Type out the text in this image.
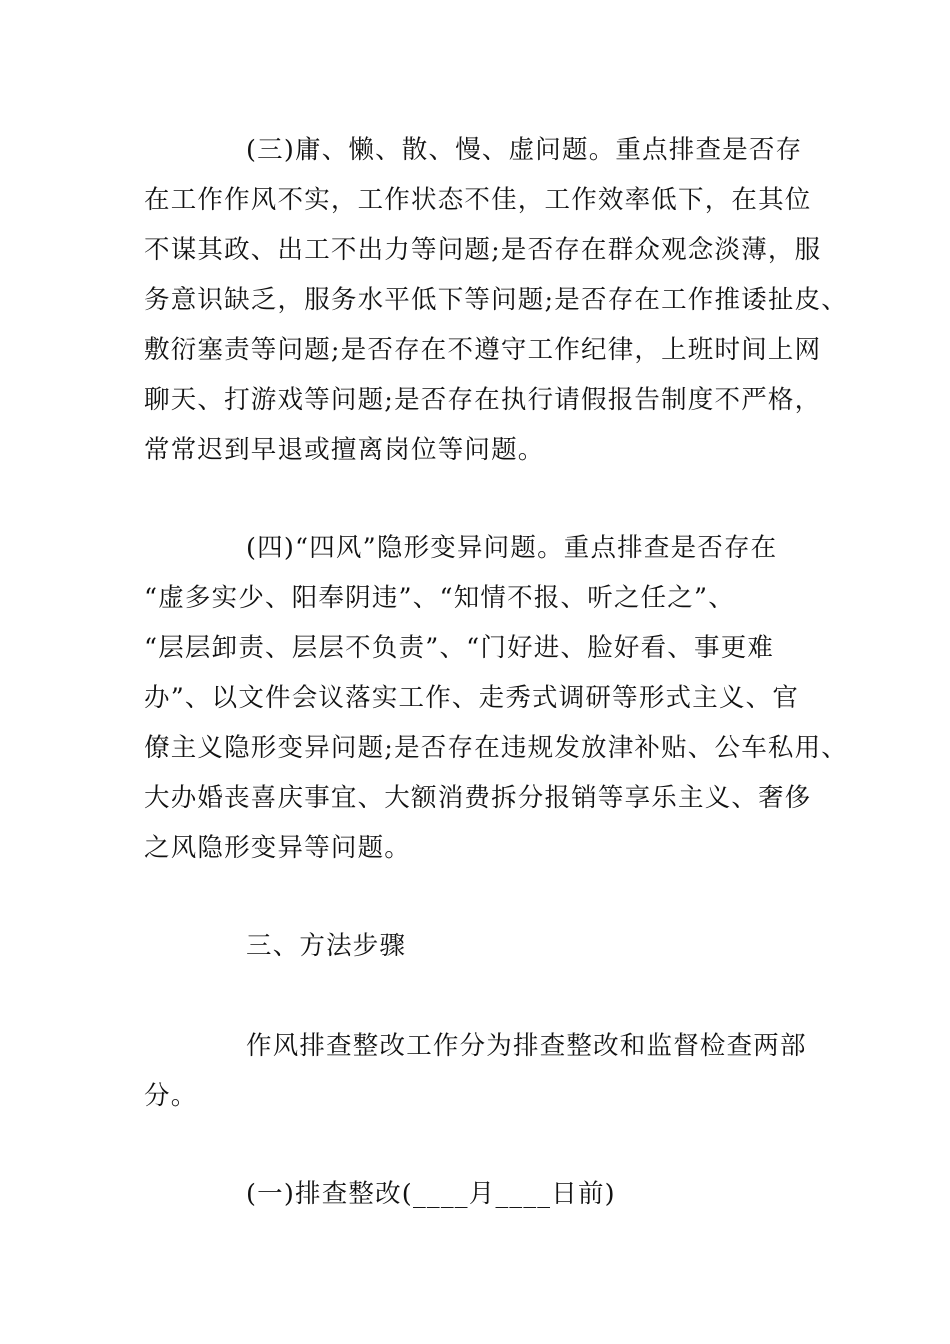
(三)庸、懒、散、慢、虚问题。重点排查是否存
在工作作风不实，工作状态不佳，工作效率低下，在其位
不谋其政、出工不出力等问题;是否存在群众观念淡薄，服
务意识缺乏，服务水平低下等问题;是否存在工作推诿扯皮、
敷衍塞责等问题;是否存在不遵守工作纪律，上班时间上网
聊天、打游戏等问题;是否存在执行请假报告制度不严格，
常常迟到早退或擅离岗位等问题。
(四)“四风”隐形变异问题。重点排查是否存在
“虚多实少、阳奉阴违”、“知情不报、听之任之”、
“层层卸责、层层不负责”、“门好进、脸好看、事更难
办”、以文件会议落实工作、走秀式调研等形式主义、官
僚主义隐形变异问题;是否存在违规发放津补贴、公车私用、
大办婚丧喜庆事宜、大额消费拆分报销等享乐主义、奢侈
之风隐形变异等问题。
三、方法步骤
作风排查整改工作分为排查整改和监督检查两部
分。
(一)排查整改(____月____日前)
